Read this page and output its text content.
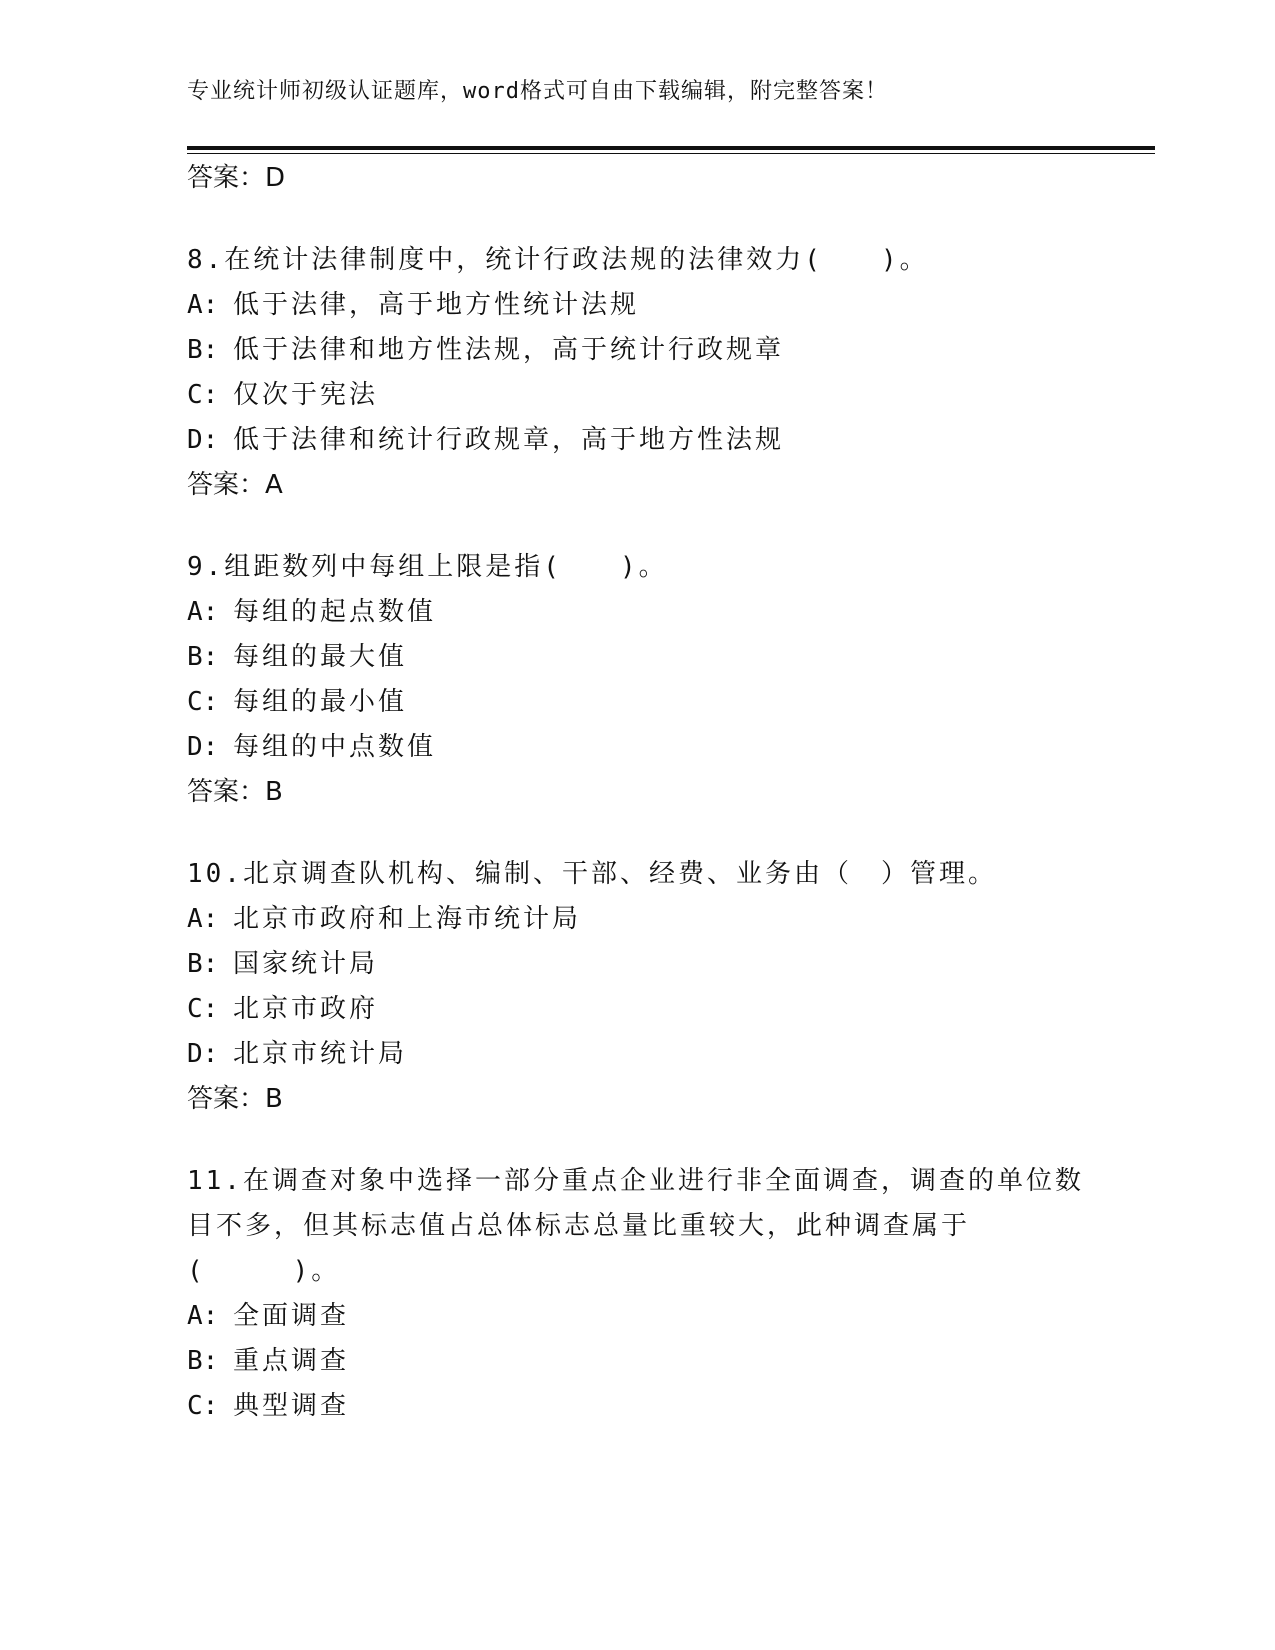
专业统计师初级认证题库，word格式可自由下载编辑，附完整答案！
答案：D
8.在统计法律制度中，统计行政法规的法律效力(　　)。
A: 低于法律，高于地方性统计法规
B: 低于法律和地方性法规，高于统计行政规章
C: 仅次于宪法
D: 低于法律和统计行政规章，高于地方性法规
答案：A
9.组距数列中每组上限是指(　　)。
A: 每组的起点数值
B: 每组的最大值
C: 每组的最小值
D: 每组的中点数值
答案：B
10.北京调查队机构、编制、干部、经费、业务由（　）管理。
A: 北京市政府和上海市统计局
B: 国家统计局
C: 北京市政府
D: 北京市统计局
答案：B
11.在调查对象中选择一部分重点企业进行非全面调查，调查的单位数目不多，但其标志值占总体标志总量比重较大，此种调查属于(　　　)。
A: 全面调查
B: 重点调查
C: 典型调查
